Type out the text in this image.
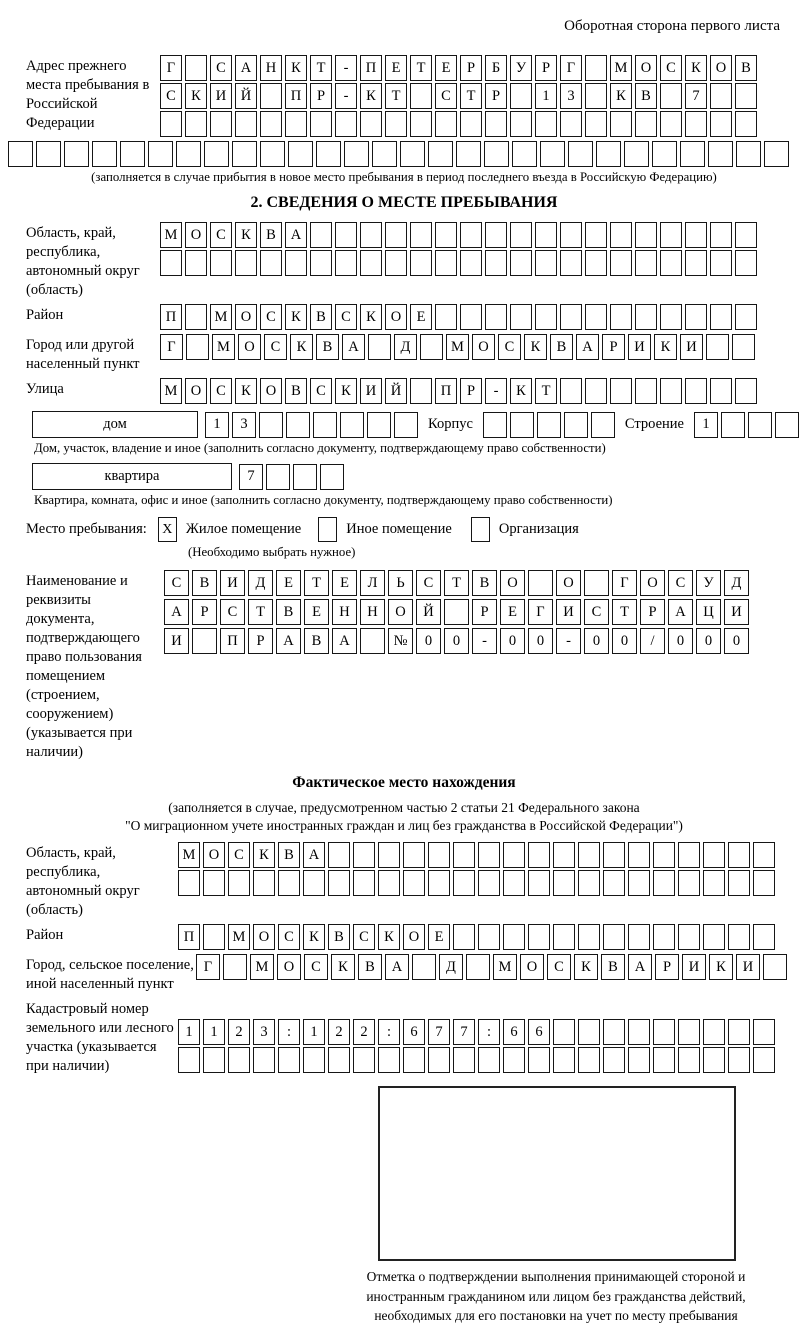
Оборотная сторона первого листа
Адрес прежнего места пребывания в Российской Федерации
Г	С	А	Н	К	Т	-	П	Е	Т	Е	Р	Б	У	Р	Г	М О	С	К	О	В
С	К	И	Й	П	Р	-	К	Т	С	Т	Р	1	3	К	В	7
(заполняется в случае прибытия в новое место пребывания в период последнего въезда в Российскую Федерацию)
2. СВЕДЕНИЯ О МЕСТЕ ПРЕБЫВАНИЯ
Область, край, республика, автономный округ (область)
М О	С	К	В	А
Район	П	М О	С	К	В	С	К	О	Е
Город или другой населенный пункт
Г	М О	С	К	В	А	Д	М О	С	К	В	А	Р	И	К	И
Улица	М О	С	К	О	В	С	К	И	Й	П	Р	-	К	Т
дом	1	3	Корпус	Строение	1
Дом, участок, владение и иное (заполнить согласно документу, подтверждающему право собственности)
квартира	7
Квартира, комната, офис и иное (заполнить согласно документу, подтверждающему право собственности)
Место пребывания:	X Жилое помещение	Иное помещение	Организация
(Необходимо выбрать нужное)
Наименование и реквизиты документа, подтверждающего право пользования помещением (строением, сооружением) (указывается при наличии)
С	В	И	Д	Е	Т	Е	Л	Ь	С	Т	В	О	О	Г	О	С	У	Д
А	Р	С	Т	В	Е	Н	Н	О	Й	Р	Е	Г	И	С	Т	Р	А	Ц	И
И	П	Р	А	В	А	№	0	0	-	0	0	-	0	0	/	0	0	0
Фактическое место нахождения
(заполняется в случае, предусмотренном частью 2 статьи 21 Федерального закона
"О миграционном учете иностранных граждан и лиц без гражданства в Российской Федерации")
Область, край, республика, автономный округ (область)
М О	С	К	В	А
Район	П	М О	С	К	В	С	К	О	Е
Город, сельское поселение, иной населенный пункт
Г	М	О	С	К	В	А	Д	М	О	С	К	В	А	Р	И	К	И
Кадастровый номер земельного или лесного участка (указывается при наличии)
1	1	2	3	:	1	2	2	:	6	7	7	:	6	6
Отметка о подтверждении выполнения принимающей стороной и иностранным гражданином или лицом без гражданства действий, необходимых для его постановки на учет по месту пребывания
